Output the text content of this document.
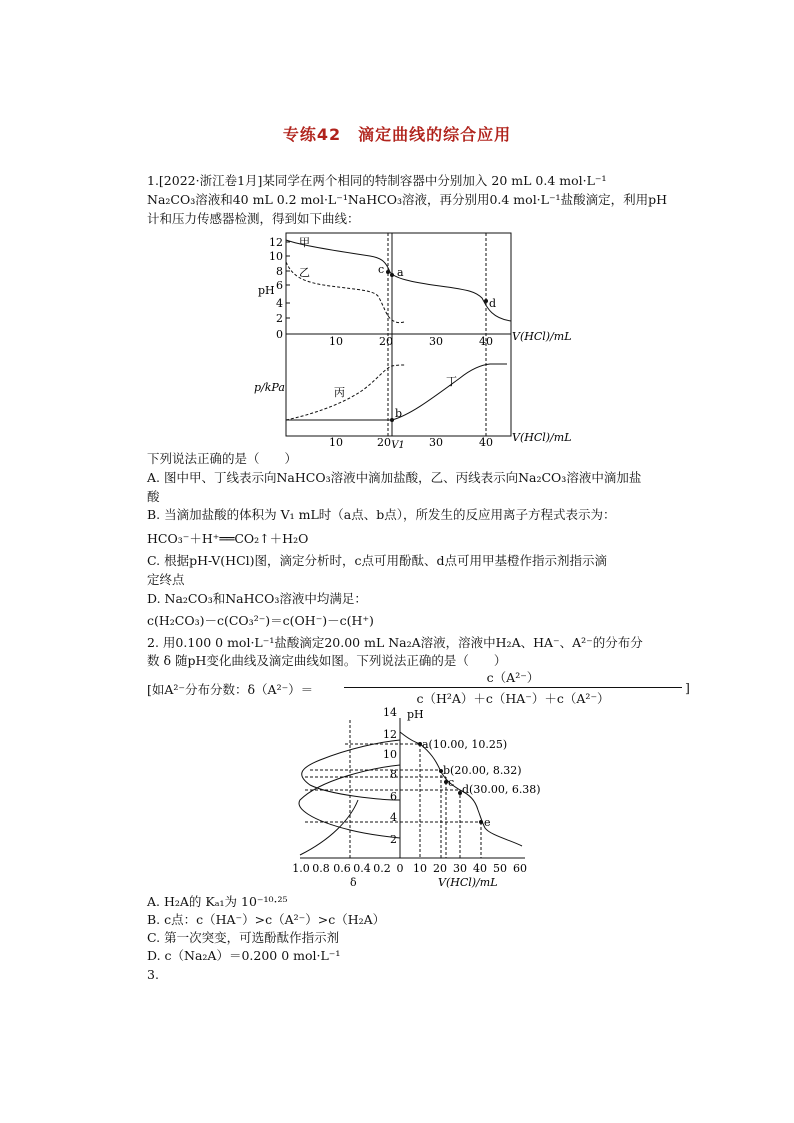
专练42　滴定曲线的综合应用
1.[2022·浙江卷1月]某同学在两个相同的特制容器中分别加入 20 mL 0.4 mol·L⁻¹
Na₂CO₃溶液和40 mL 0.2 mol·L⁻¹NaHCO₃溶液，再分别用0.4 mol·L⁻¹盐酸滴定，利用pH
计和压力传感器检测，得到如下曲线：
12
10
8
6
4
2
0
pH
10	20	30	40 V(HCl)/mL
甲
乙	c a
d
p/kPa	丙
丁
b
10	20 V1 30	40 V(HCl)/mL
pH
14
12
10
8
6
4
2
1.0 0.8 0.6 0.4 0.2 0 10 20 30 40 50 60
δ	V(HCl)/mL
a(10.00, 10.25)
b(20.00, 8.32)
c
d(30.00, 6.38)
e
下列说法正确的是（　　）
A. 图中甲、丁线表示向NaHCO₃溶液中滴加盐酸，乙、丙线表示向Na₂CO₃溶液中滴加盐
酸
B. 当滴加盐酸的体积为 V₁ mL时（a点、b点），所发生的反应用离子方程式表示为：
HCO₃⁻＋H⁺══CO₂↑＋H₂O
C. 根据pH-V(HCl)图，滴定分析时，c点可用酚酞、d点可用甲基橙作指示剂指示滴
定终点
D. Na₂CO₃和NaHCO₃溶液中均满足：
c(H₂CO₃)－c(CO₃²⁻)＝c(OH⁻)－c(H⁺)
2. 用0.100 0 mol·L⁻¹盐酸滴定20.00 mL Na₂A溶液，溶液中H₂A、HA⁻、A²⁻的分布分
数 δ 随pH变化曲线及滴定曲线如图。下列说法正确的是（　　）
[如A²⁻分布分数：δ（A²⁻）＝
c（A²⁻）
c（H²A）＋c（HA⁻）＋c（A²⁻）
]
A. H₂A的 Kₐ₁为 10⁻¹⁰·²⁵
B. c点：c（HA⁻）>c（A²⁻）>c（H₂A）
C. 第一次突变，可选酚酞作指示剂
D. c（Na₂A）＝0.200 0 mol·L⁻¹
3.
